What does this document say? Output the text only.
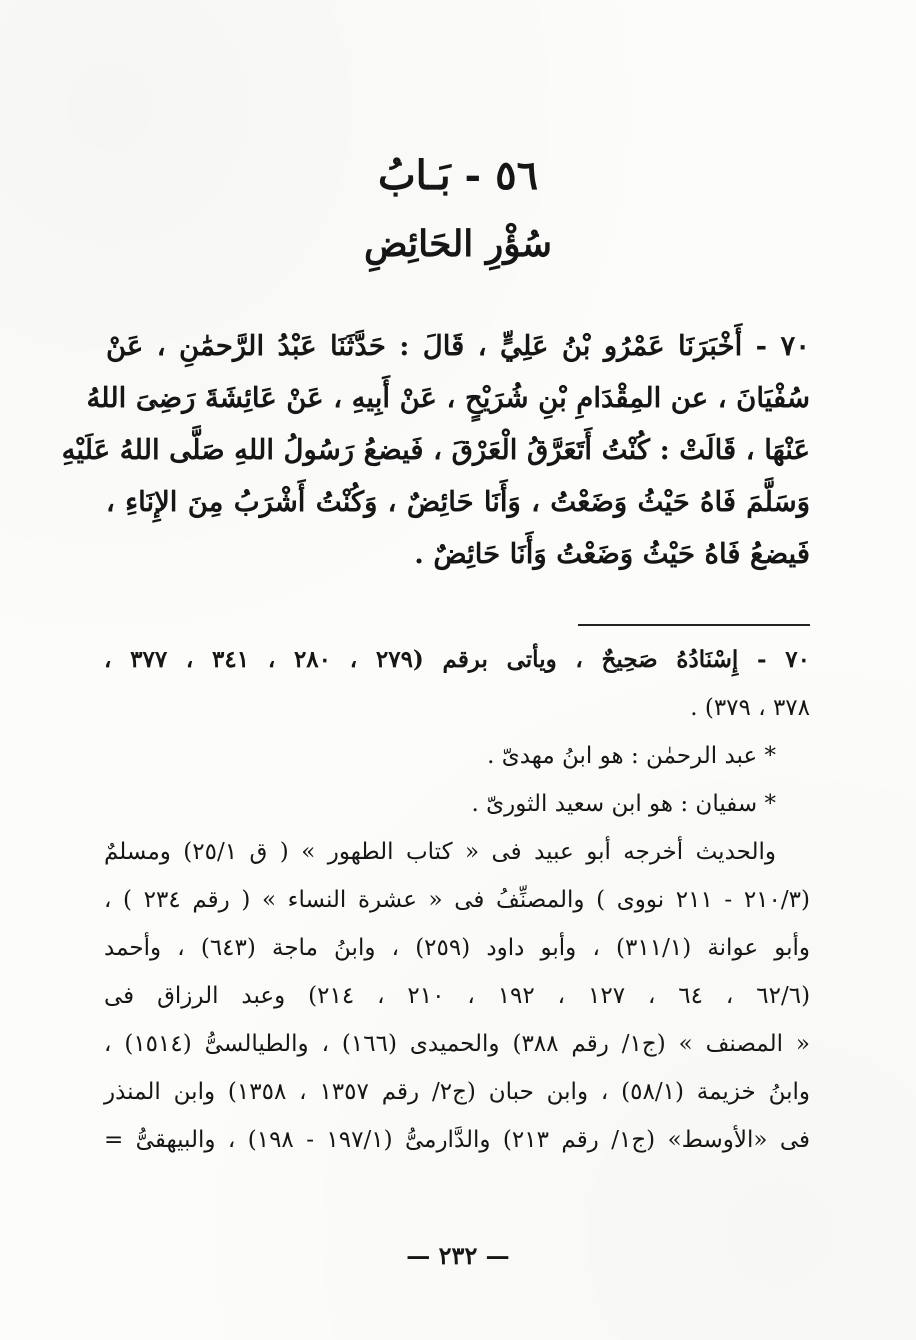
٥٦ - بَـابُ
سُؤْرِ الحَائِضِ
٧٠ - أَخْبَرَنَا عَمْرُو بْنُ عَلِيٍّ ، قَالَ : حَدَّثَنَا عَبْدُ الرَّحمَٰنِ ، عَنْ
سُفْيَانَ ، عن المِقْدَامِ بْنِ شُرَيْحٍ ، عَنْ أَبِيهِ ، عَنْ عَائِشَةَ رَضِىَ اللهُ
عَنْهَا ، قَالَتْ : كُنْتُ أَتَعَرَّقُ الْعَرْقَ ، فَيضعُ رَسُولُ اللهِ صَلَّى اللهُ عَلَيْهِ
وَسَلَّمَ فَاهُ حَيْثُ وَضَعْتُ ، وَأَنَا حَائِضٌ ، وَكُنْتُ أَشْرَبُ مِنَ الإِنَاءِ ،
فَيضعُ فَاهُ حَيْثُ وَضَعْتُ وَأَنَا حَائِضٌ .
٧٠ - إِسْنَادُهُ صَحِيحٌ ، ويأتى برقم (٢٧٩ ، ٢٨٠ ، ٣٤١ ، ٣٧٧ ،
٣٧٨ ، ٣٧٩) .
* عبد الرحمٰن : هو ابنُ مهدىّ .
* سفيان : هو ابن سعيد الثورىّ .
والحديث أخرجه أبو عبيد فى « كتاب الطهور » ( ق ٢٥/١) ومسلمٌ
(٢١٠/٣ - ٢١١ نووى ) والمصنِّفُ فى « عشرة النساء » ( رقم ٢٣٤ ) ،
وأبو عوانة (٣١١/١) ، وأبو داود (٢٥٩) ، وابنُ ماجة (٦٤٣) ، وأحمد
(٦٢/٦ ، ٦٤ ، ١٢٧ ، ١٩٢ ، ٢١٠ ، ٢١٤) وعبد الرزاق فى
« المصنف » (ج١/ رقم ٣٨٨) والحميدى (١٦٦) ، والطيالسىُّ (١٥١٤) ،
وابنُ خزيمة (٥٨/١) ، وابن حبان (ج٢/ رقم ١٣٥٧ ، ١٣٥٨) وابن المنذر
فى «الأوسط» (ج١/ رقم ٢١٣) والدَّارمىُّ (١٩٧/١ - ١٩٨) ، والبيهقىُّ =
— ٢٣٢ —
